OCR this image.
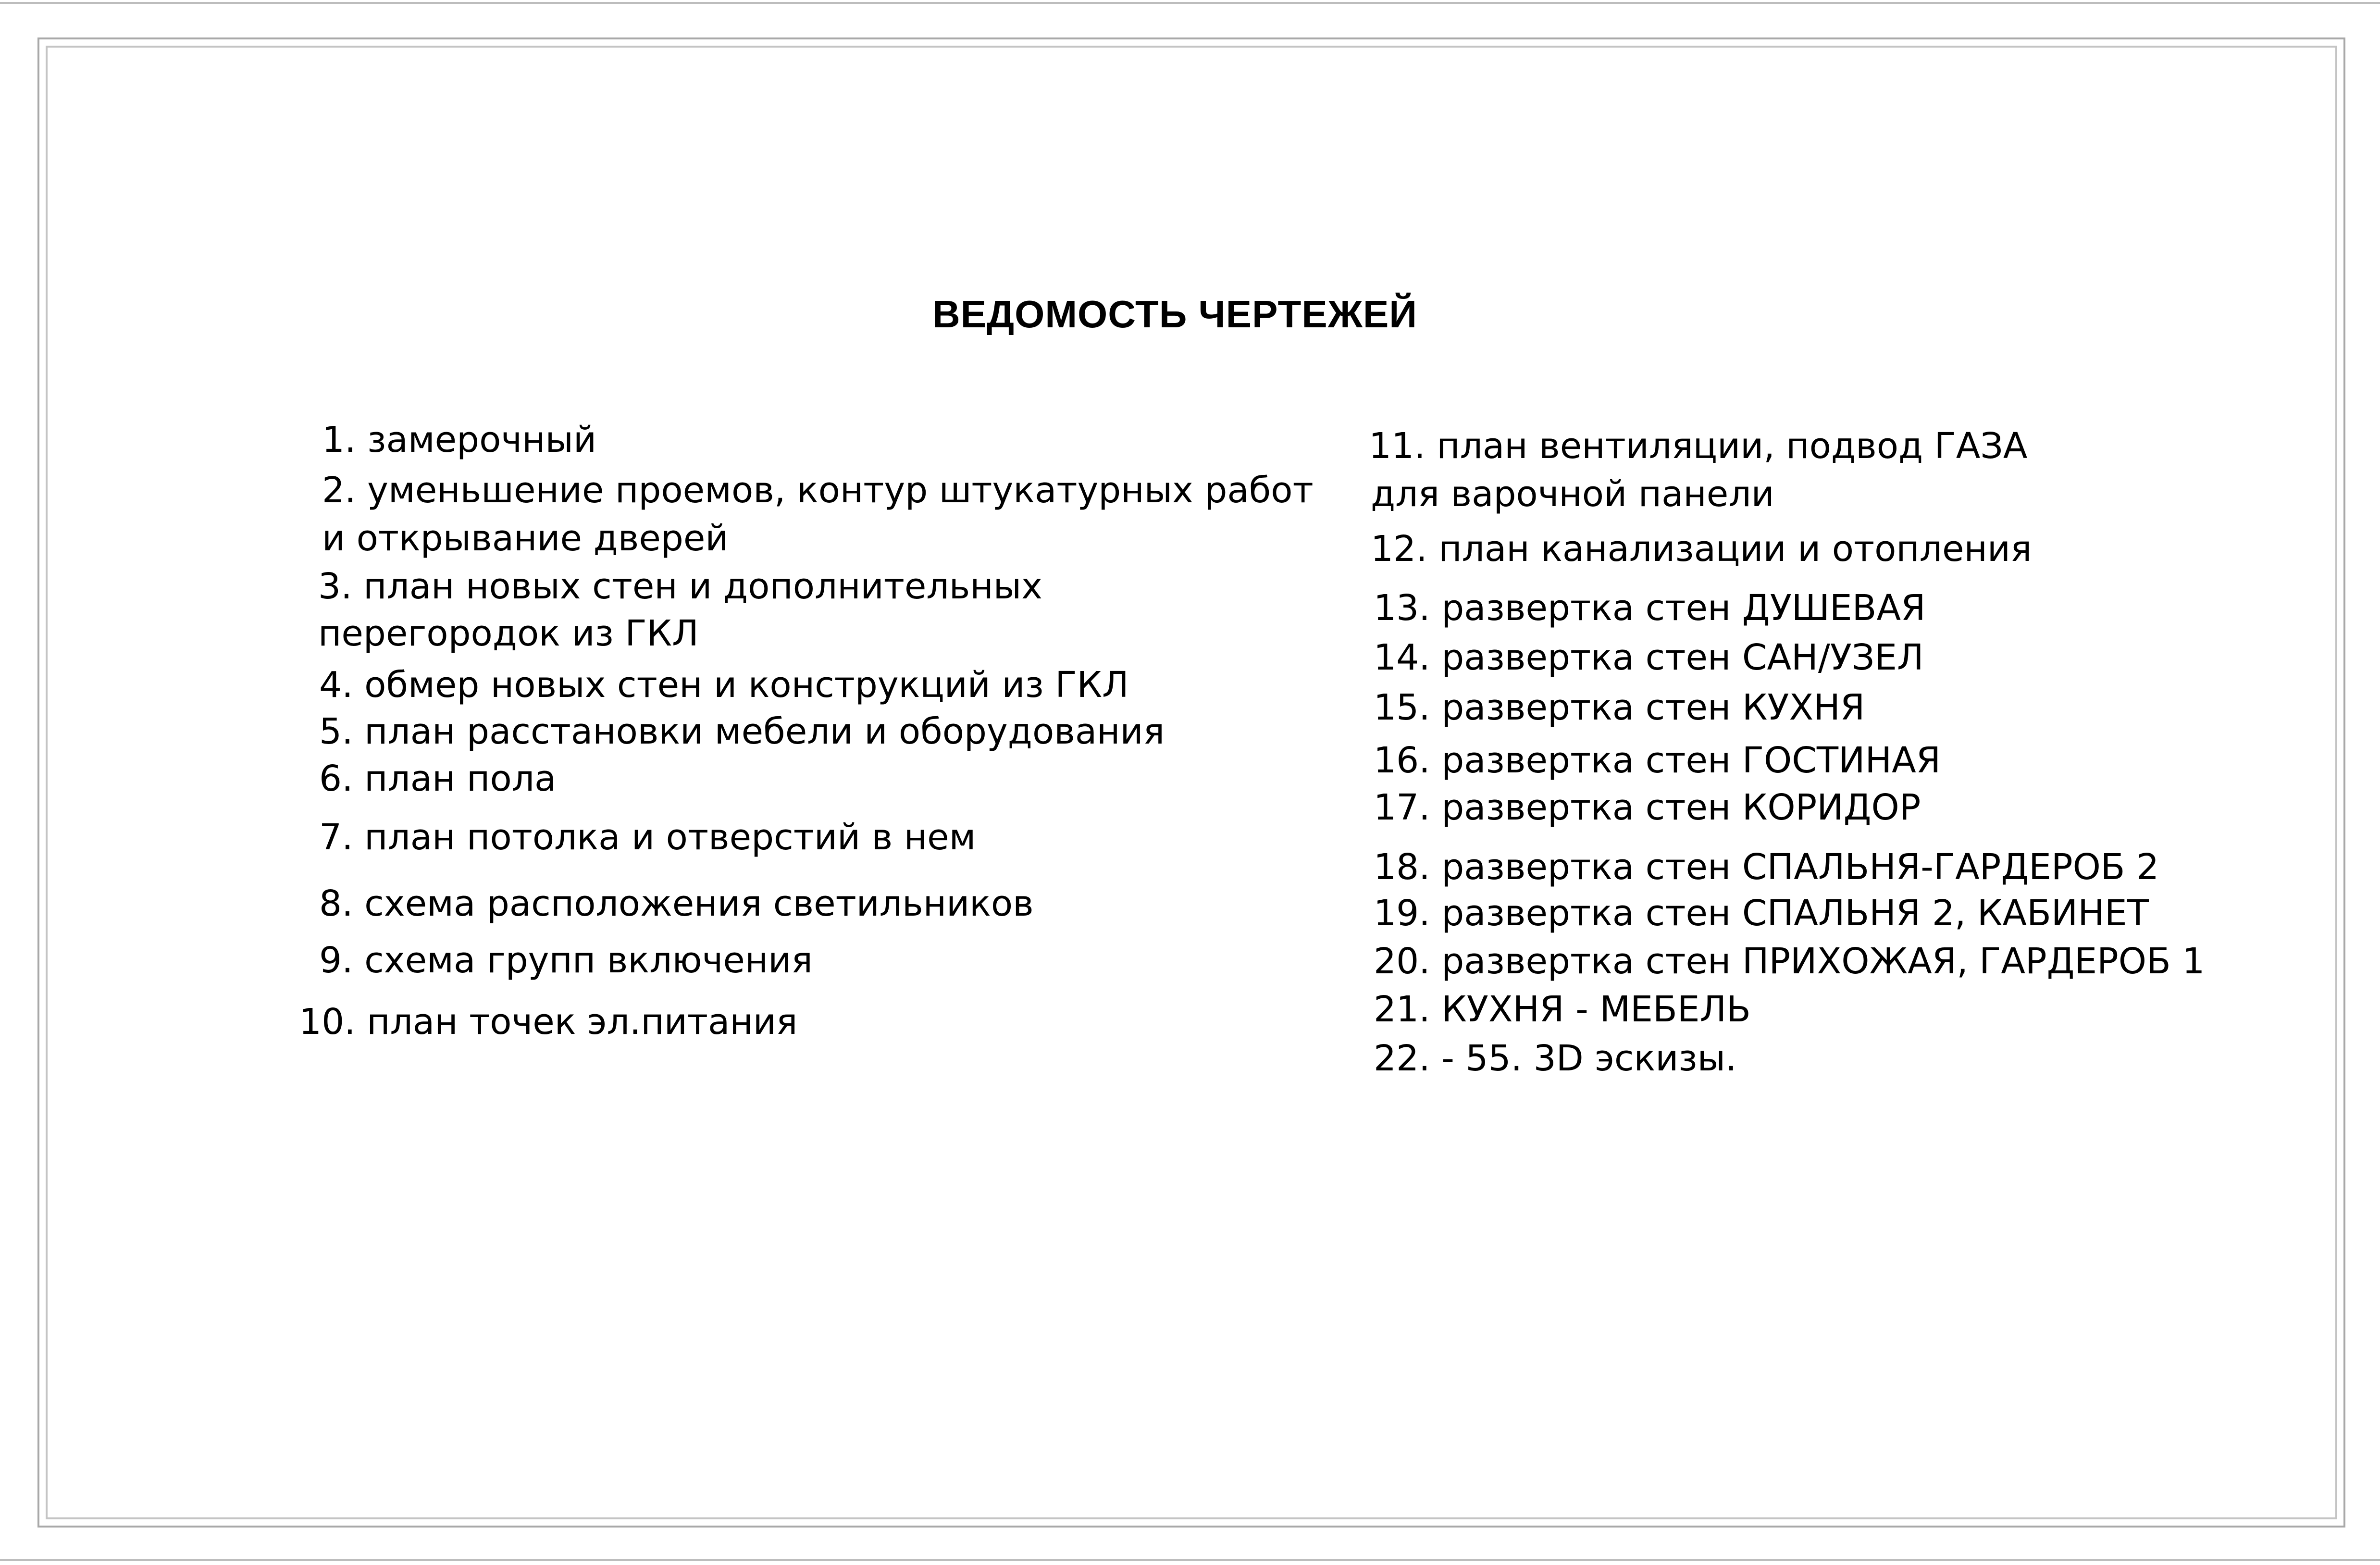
ВЕДОМОСТЬ ЧЕРТЕЖЕЙ
1. замерочный
2. уменьшение проемов, контур штукатурных работ
и открывание дверей
3. план новых стен и дополнительных
перегородок из ГКЛ
4. обмер новых стен и конструкций из ГКЛ
5. план расстановки мебели и оборудования
6. план пола
7. план потолка и отверстий в нем
8. схема расположения светильников
9. схема групп включения
10. план точек эл.питания
11. план вентиляции, подвод ГАЗА
для варочной панели
12. план канализации и отопления
13. развертка стен ДУШЕВАЯ
14. развертка стен САН/УЗЕЛ
15. развертка стен КУХНЯ
16. развертка стен ГОСТИНАЯ
17. развертка стен КОРИДОР
18. развертка стен СПАЛЬНЯ-ГАРДЕРОБ 2
19. развертка стен СПАЛЬНЯ 2, КАБИНЕТ
20. развертка стен ПРИХОЖАЯ, ГАРДЕРОБ 1
21. КУХНЯ - МЕБЕЛЬ
22. - 55. 3D эскизы.
